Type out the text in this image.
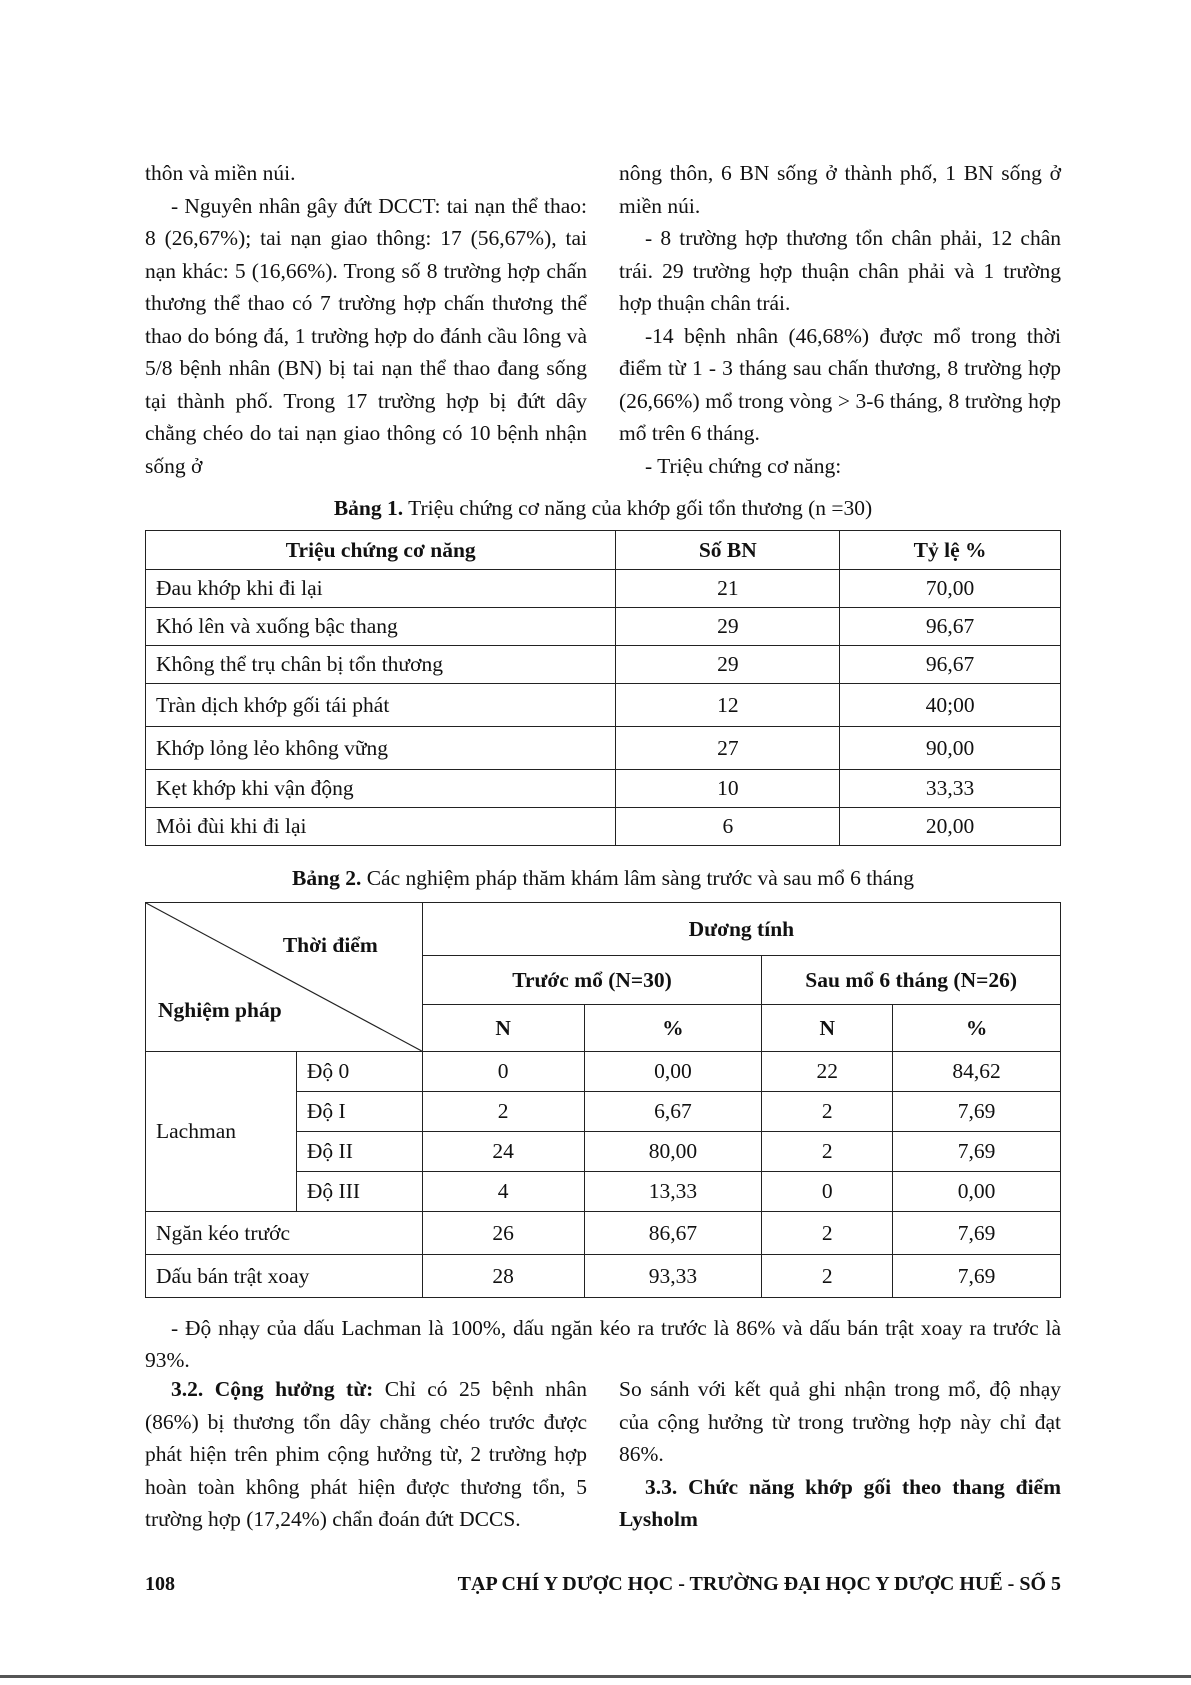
thôn và miền núi.

- Nguyên nhân gây đứt DCCT: tai nạn thể thao: 8 (26,67%); tai nạn giao thông: 17 (56,67%), tai nạn khác: 5 (16,66%). Trong số 8 trường hợp chấn thương thể thao có 7 trường hợp chấn thương thể thao do bóng đá, 1 trường hợp do đánh cầu lông và 5/8 bệnh nhân (BN) bị tai nạn thể thao đang sống tại thành phố. Trong 17 trường hợp bị đứt dây chằng chéo do tai nạn giao thông có 10 bệnh nhận sống ở

nông thôn, 6 BN sống ở thành phố, 1 BN sống ở miền núi.

- 8 trường hợp thương tổn chân phải, 12 chân trái. 29 trường hợp thuận chân phải và 1 trường hợp thuận chân trái.

-14 bệnh nhân (46,68%) được mổ trong thời điểm từ 1 - 3 tháng sau chấn thương, 8 trường hợp (26,66%) mổ trong vòng > 3-6 tháng, 8 trường hợp mổ trên 6 tháng.

- Triệu chứng cơ năng:

Bảng 1. Triệu chứng cơ năng của khớp gối tổn thương (n =30)
Triệu chứng cơ năng	Số BN	Tỷ lệ %
Đau khớp khi đi lại	21	70,00
Khó lên và xuống bậc thang	29	96,67
Không thể trụ chân bị tổn thương	29	96,67
Tràn dịch khớp gối tái phát	12	40;00
Khớp lỏng lẻo không vững	27	90,00
Kẹt khớp khi vận động	10	33,33
Mỏi đùi khi đi lại	6	20,00
Bảng 2. Các nghiệm pháp thăm khám lâm sàng trước và sau mổ 6 tháng
Thời điểm
Nghiệm pháp		Dương tính			
		Trước mổ (N=30)		Sau mổ 6 tháng (N=26)	
		N	%	N	%
Lachman	Độ 0	0	0,00	22	84,62
	Độ I	2	6,67	2	7,69
	Độ II	24	80,00	2	7,69
	Độ III	4	13,33	0	0,00
Ngăn kéo trước		26	86,67	2	7,69
Dấu bán trật xoay		28	93,33	2	7,69
- Độ nhạy của dấu Lachman là 100%, dấu ngăn kéo ra trước là 86% và dấu bán trật xoay ra trước là 93%.

3.2. Cộng hưởng từ: Chỉ có 25 bệnh nhân (86%) bị thương tổn dây chằng chéo trước được phát hiện trên phim cộng hưởng từ, 2 trường hợp hoàn toàn không phát hiện được thương tổn, 5 trường hợp (17,24%) chẩn đoán đứt DCCS.

So sánh với kết quả ghi nhận trong mổ, độ nhạy của cộng hưởng từ trong trường hợp này chỉ đạt 86%.

3.3. Chức năng khớp gối theo thang điểm Lysholm

108	TẠP CHÍ Y DƯỢC HỌC - TRƯỜNG ĐẠI HỌC Y DƯỢC HUẾ - SỐ 5
